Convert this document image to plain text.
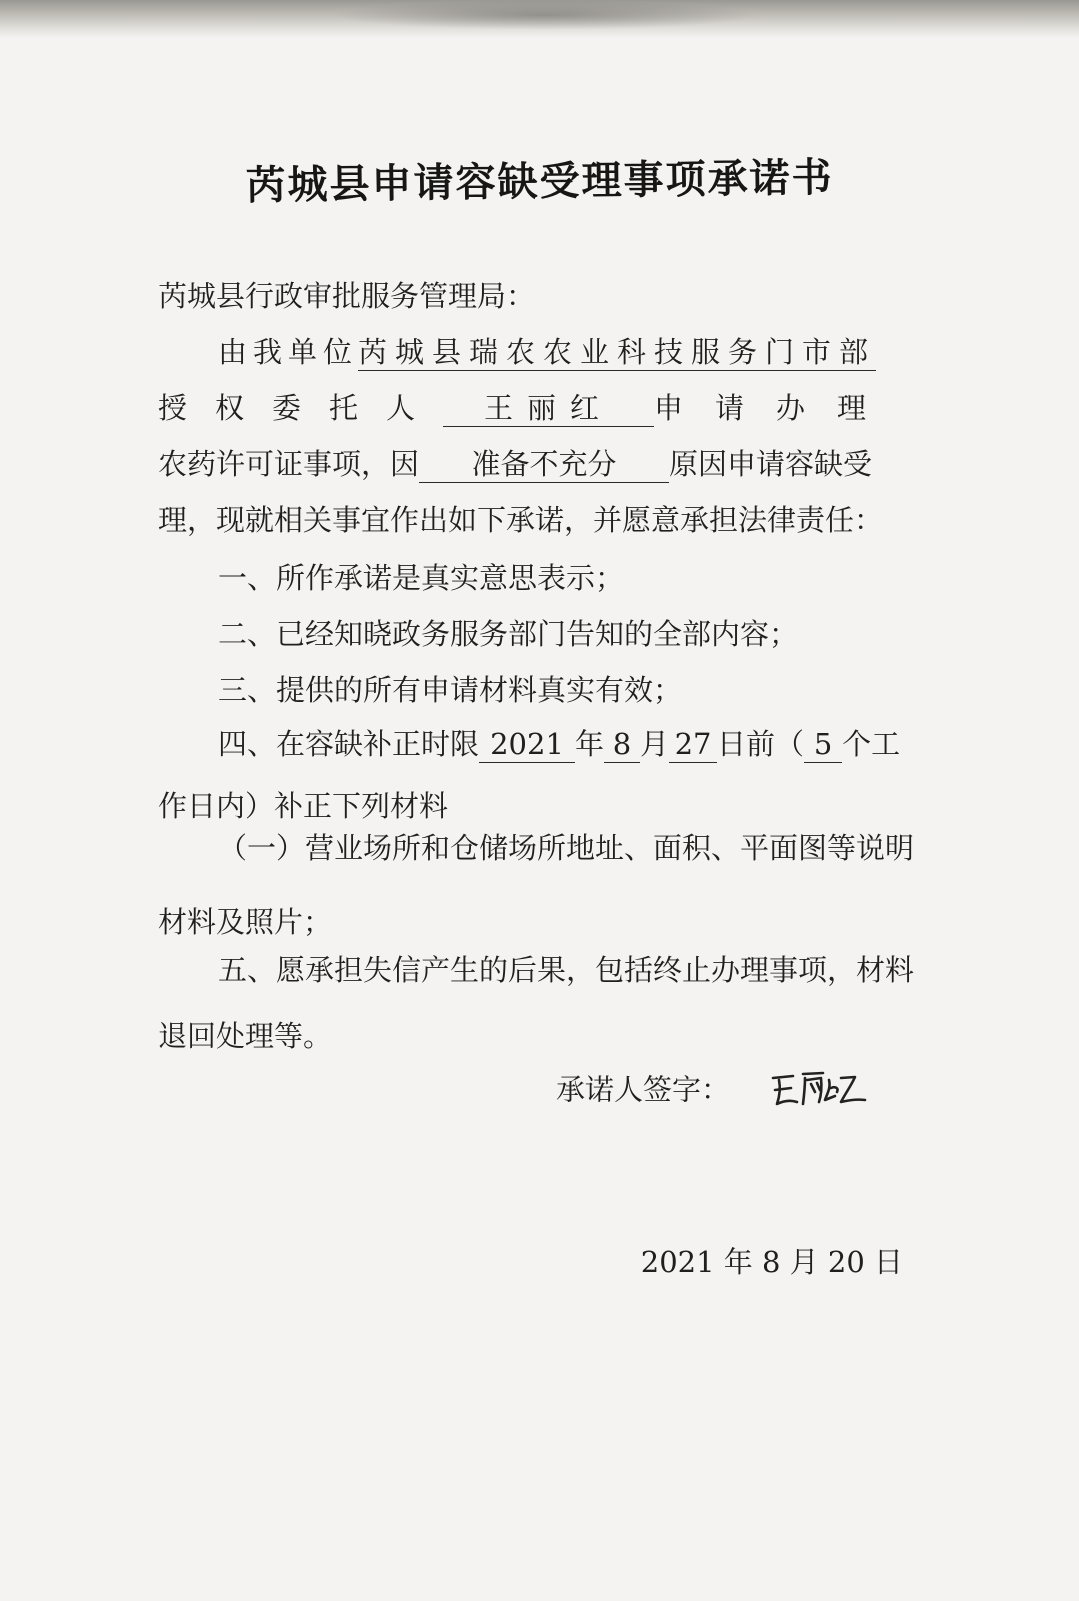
芮城县申请容缺受理事项承诺书
芮城县行政审批服务管理局：
由我单位芮城县瑞农农业科技服务门市部
授权委托人	王丽红	申请办理
农药许可证事项，因 准备不充分 原因申请容缺受
理，现就相关事宜作出如下承诺，并愿意承担法律责任：
一、所作承诺是真实意思表示；
二、已经知晓政务服务部门告知的全部内容；
三、提供的所有申请材料真实有效；
四、在容缺补正时限 2021 年 8 月 27 日前（ 5 个工
作日内）补正下列材料
（一）营业场所和仓储场所地址、面积、平面图等说明
材料及照片；
五、愿承担失信产生的后果，包括终止办理事项，材料
退回处理等。
承诺人签字：
2021 年 8 月 20 日
